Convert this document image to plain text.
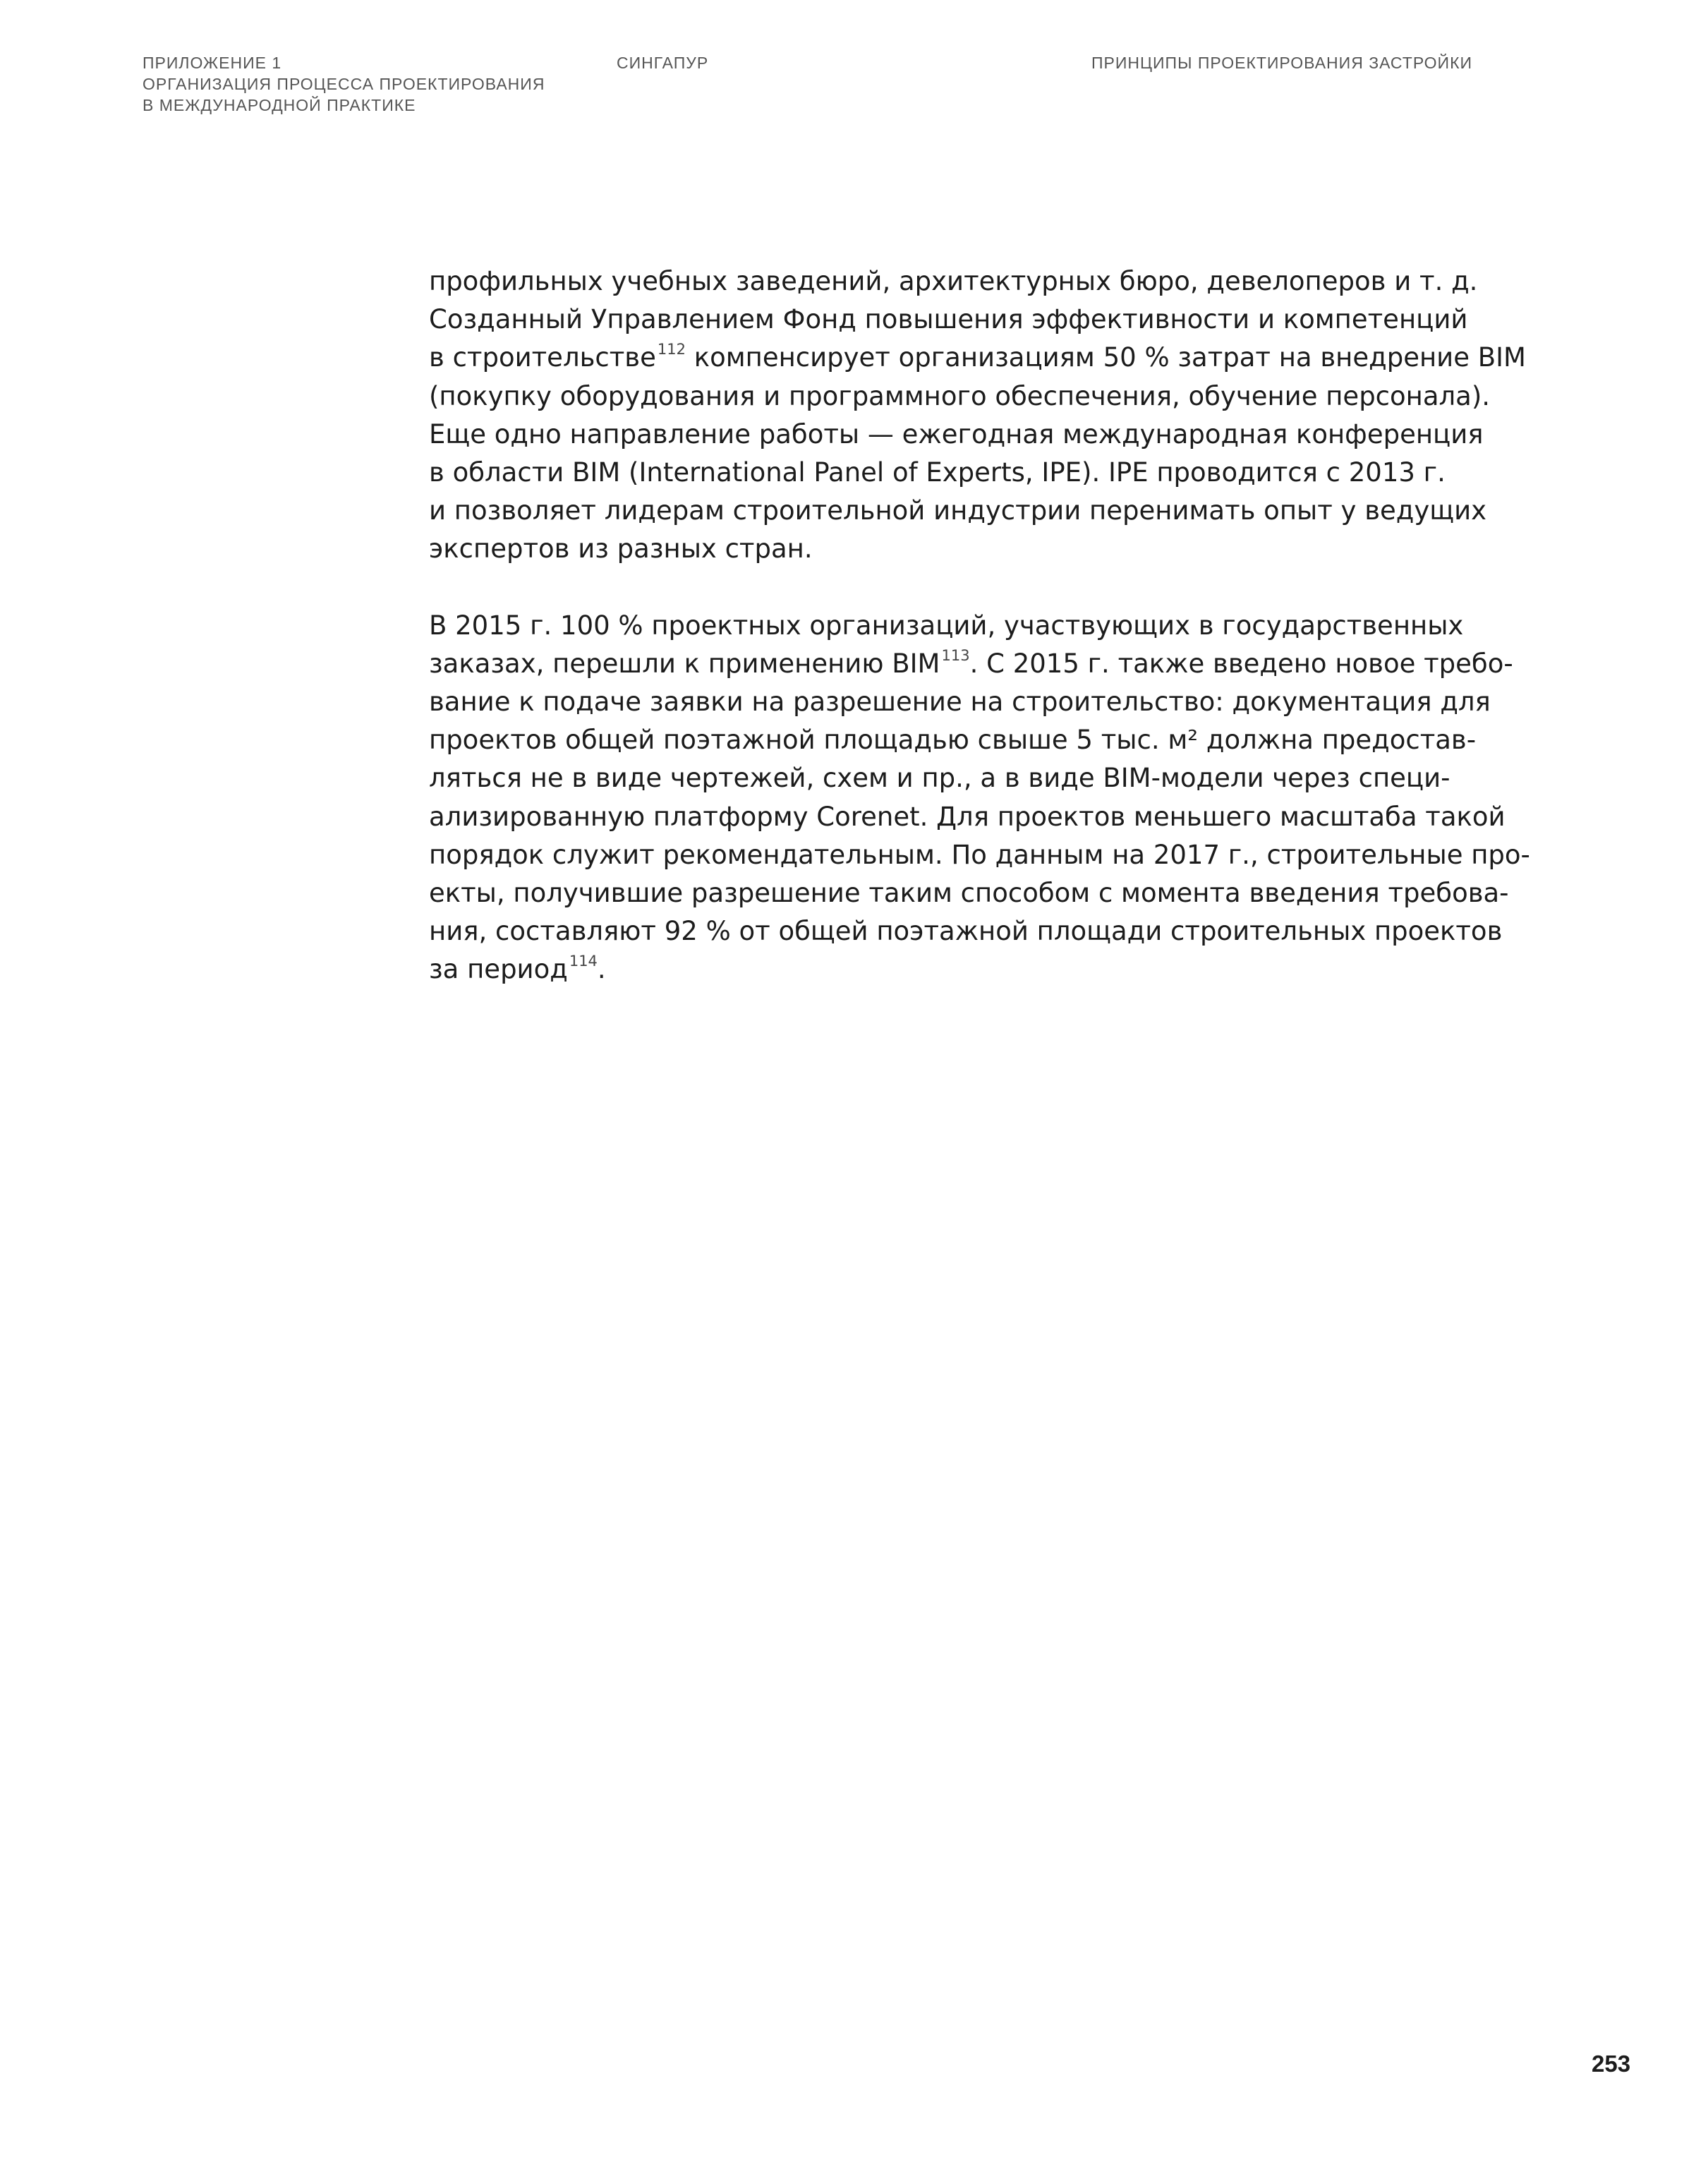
ПРИЛОЖЕНИЕ 1
ОРГАНИЗАЦИЯ ПРОЦЕССА ПРОЕКТИРОВАНИЯ
В МЕЖДУНАРОДНОЙ ПРАКТИКЕ
СИНГАПУР	ПРИНЦИПЫ ПРОЕКТИРОВАНИЯ ЗАСТРОЙКИ
профильных учебных заведений, архитектурных бюро, девелоперов и т. д.
Созданный Управлением Фонд повышения эффективности и компетенций
в строительстве$^{112}$ компенсирует организациям 50 % затрат на внедрение BIM
(покупку оборудования и программного обеспечения, обучение персонала).
Еще одно направление работы — ежегодная международная конференция
в области BIM (International Panel of Experts, IPE). IPE проводится с 2013 г.
и позволяет лидерам строительной индустрии перенимать опыт у ведущих
экспертов из разных стран.
В 2015 г. 100 % проектных организаций, участвующих в государственных
заказах, перешли к применению BIM$^{113}$. С 2015 г. также введено новое требо-
вание к подаче заявки на разрешение на строительство: документация для
проектов общей поэтажной площадью свыше 5 тыс. м² должна предостав-
ляться не в виде чертежей, схем и пр., а в виде BIM-модели через специ-
ализированную платформу Corenet. Для проектов меньшего масштаба такой
порядок служит рекомендательным. По данным на 2017 г., строительные про-
екты, получившие разрешение таким способом с момента введения требова-
ния, составляют 92 % от общей поэтажной площади строительных проектов
за период$^{114}$.
253
